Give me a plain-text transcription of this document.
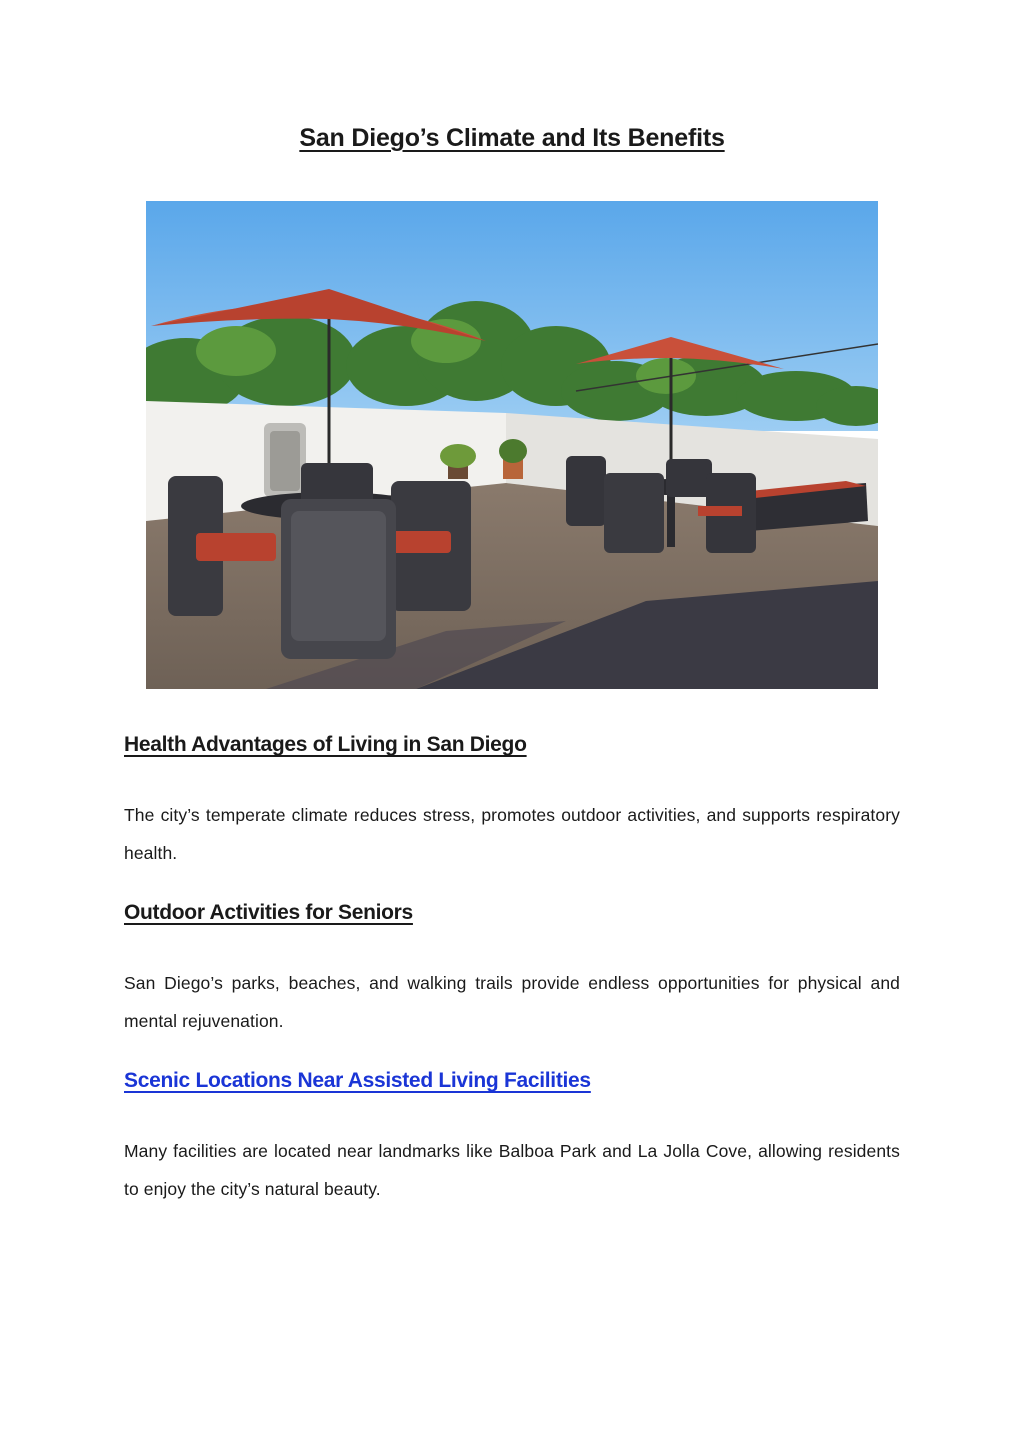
San Diego’s Climate and Its Benefits
Health Advantages of Living in San Diego

The city’s temperate climate reduces stress, promotes outdoor activities, and supports respiratory health.

Outdoor Activities for Seniors

San Diego’s parks, beaches, and walking trails provide endless opportunities for physical and mental rejuvenation.

Scenic Locations Near Assisted Living Facilities

Many facilities are located near landmarks like Balboa Park and La Jolla Cove, allowing residents to enjoy the city’s natural beauty.
